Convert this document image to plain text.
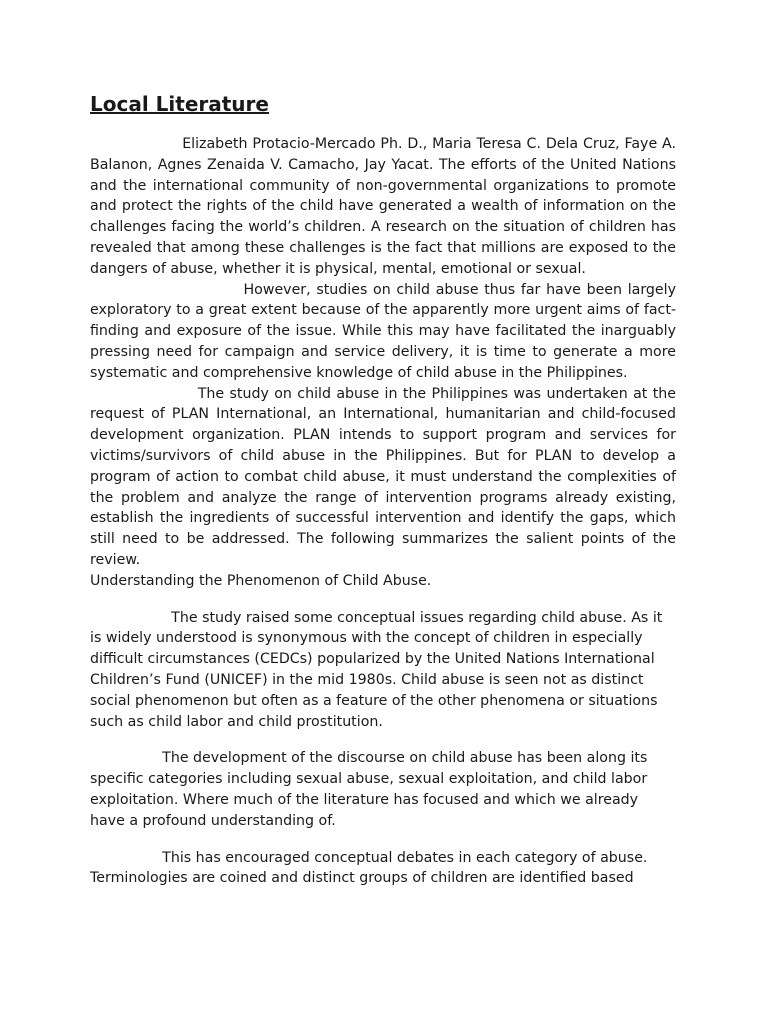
Local Literature

Elizabeth Protacio-Mercado Ph. D., Maria Teresa C. Dela Cruz, Faye A. Balanon, Agnes Zenaida V. Camacho, Jay Yacat. The efforts of the United Nations and the international community of non-governmental organizations to promote and protect the rights of the child have generated a wealth of information on the challenges facing the world’s children. A research on the situation of children has revealed that among these challenges is the fact that millions are exposed to the dangers of abuse, whether it is physical, mental, emotional or sexual.

However, studies on child abuse thus far have been largely exploratory to a great extent because of the apparently more urgent aims of fact-finding and exposure of the issue. While this may have facilitated the inarguably pressing need for campaign and service delivery, it is time to generate a more systematic and comprehensive knowledge of child abuse in the Philippines.

The study on child abuse in the Philippines was undertaken at the request of PLAN International, an International, humanitarian and child-focused development organization. PLAN intends to support program and services for victims/survivors of child abuse in the Philippines. But for PLAN to develop a program of action to combat child abuse, it must understand the complexities of the problem and analyze the range of intervention programs already existing, establish the ingredients of successful intervention and identify the gaps, which still need to be addressed. The following summarizes the salient points of the review.

Understanding the Phenomenon of Child Abuse.

The study raised some conceptual issues regarding child abuse. As it is widely understood is synonymous with the concept of children in especially difficult circumstances (CEDCs) popularized by the United Nations International Children’s Fund (UNICEF) in the mid 1980s. Child abuse is seen not as distinct social phenomenon but often as a feature of the other phenomena or situations such as child labor and child prostitution.

The development of the discourse on child abuse has been along its specific categories including sexual abuse, sexual exploitation, and child labor exploitation. Where much of the literature has focused and which we already have a profound understanding of.

This has encouraged conceptual debates in each category of abuse. Terminologies are coined and distinct groups of children are identified based
